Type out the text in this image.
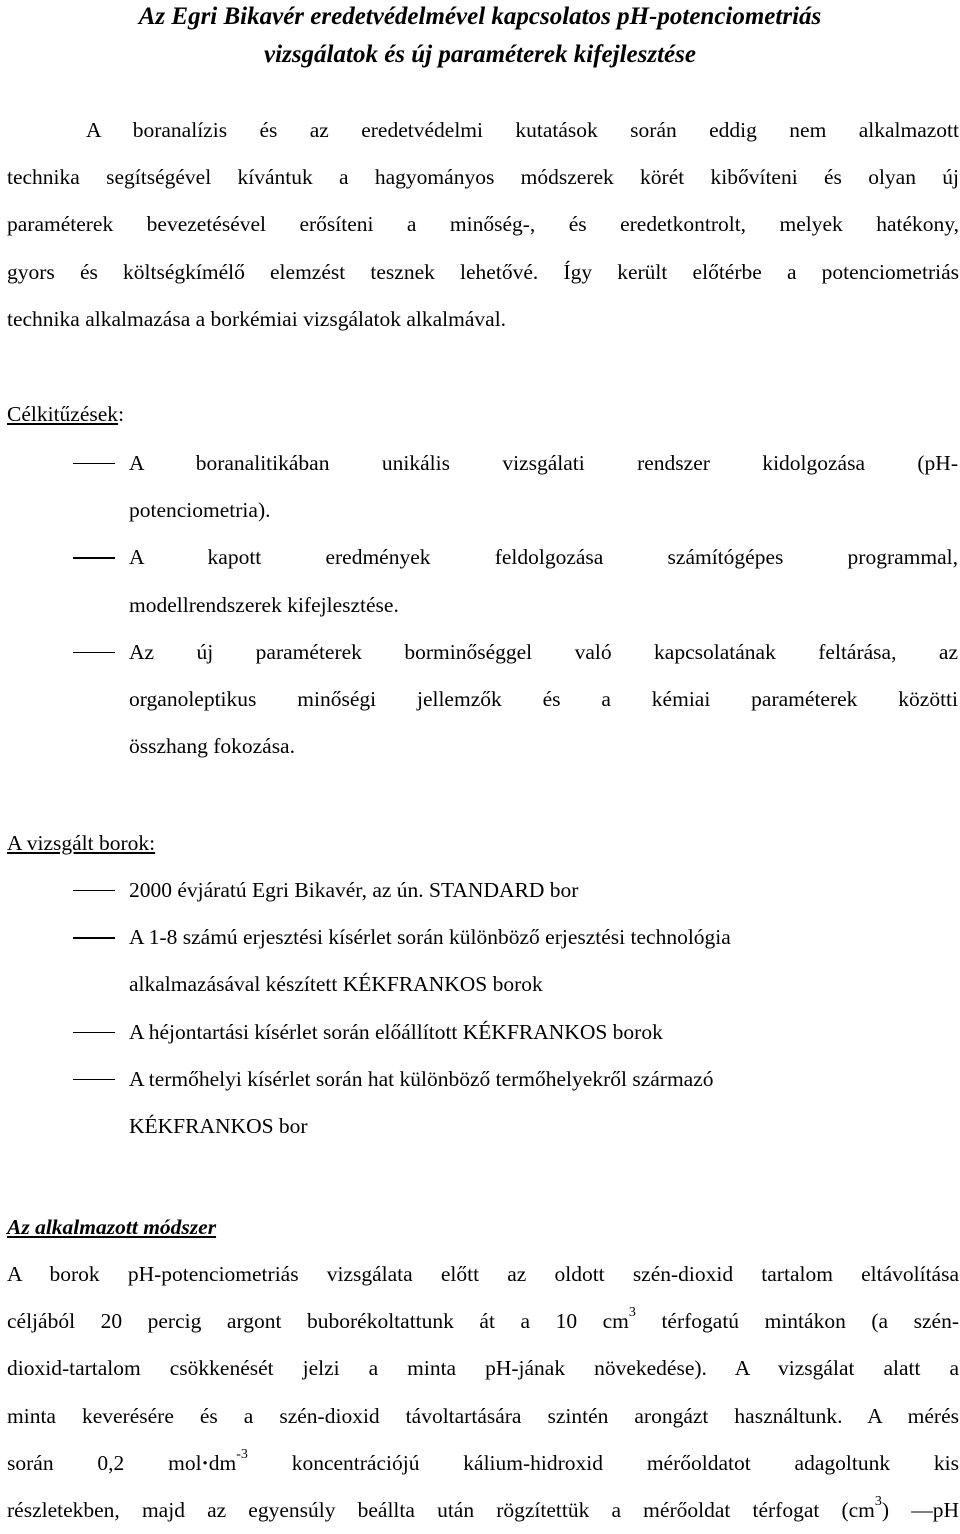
Az Egri Bikavér eredetvédelmével kapcsolatos pH-potenciometriás
vizsgálatok és új paraméterek kifejlesztése
A boranalízis és az eredetvédelmi kutatások során eddig nem alkalmazott
technika segítségével kívántuk a hagyományos módszerek körét kibővíteni és olyan új
paraméterek bevezetésével erősíteni a minőség-, és eredetkontrolt, melyek hatékony,
gyors és költségkímélő elemzést tesznek lehetővé. Így került előtérbe a potenciometriás
technika alkalmazása a borkémiai vizsgálatok alkalmával.
Célkitűzések:
A boranalitikában unikális vizsgálati rendszer kidolgozása (pH-
potenciometria).
A kapott eredmények feldolgozása számítógépes programmal,
modellrendszerek kifejlesztése.
Az új paraméterek borminőséggel való kapcsolatának feltárása, az
organoleptikus minőségi jellemzők és a kémiai paraméterek közötti
összhang fokozása.
A vizsgált borok:
2000 évjáratú Egri Bikavér, az ún. STANDARD bor
A 1-8 számú erjesztési kísérlet során különböző erjesztési technológia
alkalmazásával készített KÉKFRANKOS borok
A héjontartási kísérlet során előállított KÉKFRANKOS borok
A termőhelyi kísérlet során hat különböző termőhelyekről származó
KÉKFRANKOS bor
Az alkalmazott módszer
A borok pH-potenciometriás vizsgálata előtt az oldott szén-dioxid tartalom eltávolítása
céljából 20 percig argont buborékoltattunk át a 10 $cm^3$ térfogatú mintákon (a szén-
dioxid-tartalom csökkenését jelzi a minta pH-jának növekedése). A vizsgálat alatt a
minta keverésére és a szén-dioxid távoltartására szintén arongázt használtunk. A mérés
során 0,2 $mol\cdot dm^{-3}$ koncentrációjú kálium-hidroxid mérőoldatot adagoltunk kis
részletekben, majd az egyensúly beállta után rögzítettük a mérőoldat térfogat $(cm^3)$ —pH
